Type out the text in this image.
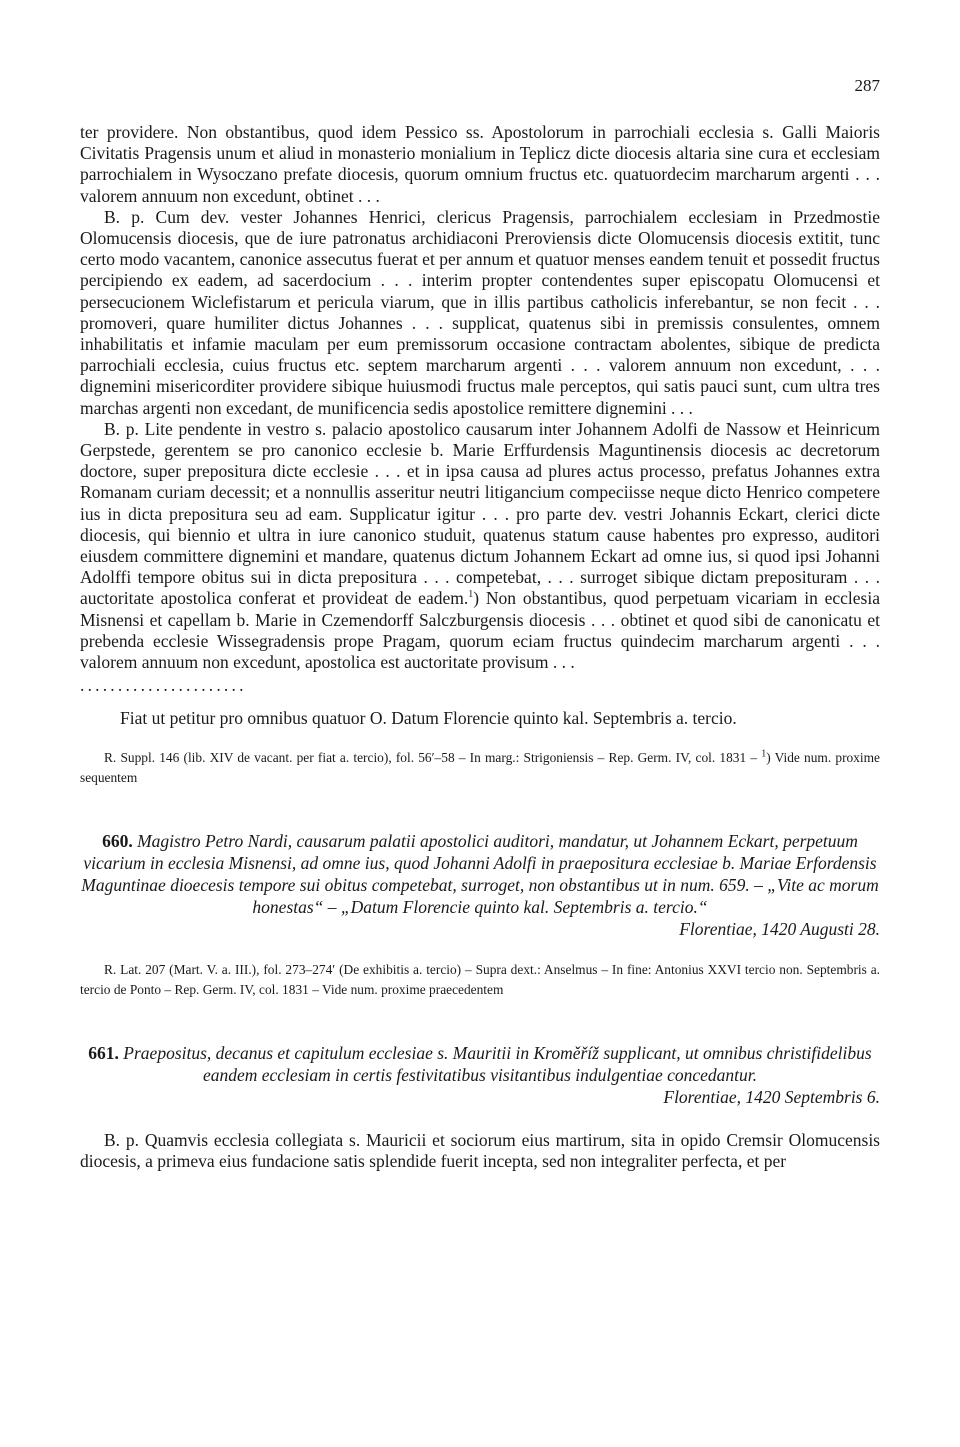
287

ter providere. Non obstantibus, quod idem Pessico ss. Apostolorum in parrochiali ecclesia s. Galli Maioris Civitatis Pragensis unum et aliud in monasterio monialium in Teplicz dicte diocesis altaria sine cura et ecclesiam parrochialem in Wysoczano prefate diocesis, quorum omnium fructus etc. quatuordecim marcharum argenti . . . valorem annuum non excedunt, obtinet . . .

B. p. Cum dev. vester Johannes Henrici, clericus Pragensis, parrochialem ecclesiam in Przedmostie Olomucensis diocesis, que de iure patronatus archidiaconi Preroviensis dicte Olomucensis diocesis extitit, tunc certo modo vacantem, canonice assecutus fuerat et per annum et quatuor menses eandem tenuit et possedit fructus percipiendo ex eadem, ad sacerdocium . . . interim propter contendentes super episcopatu Olomucensi et persecucionem Wiclefistarum et pericula viarum, que in illis partibus catholicis inferebantur, se non fecit . . . promoveri, quare humiliter dictus Johannes . . . supplicat, quatenus sibi in premissis consulentes, omnem inhabilitatis et infamie maculam per eum premissorum occasione contractam abolentes, sibique de predicta parrochiali ecclesia, cuius fructus etc. septem marcharum argenti . . . valorem annuum non excedunt, . . . dignemini misericorditer providere sibique huiusmodi fructus male perceptos, qui satis pauci sunt, cum ultra tres marchas argenti non excedant, de munificencia sedis apostolice remittere dignemini . . .

B. p. Lite pendente in vestro s. palacio apostolico causarum inter Johannem Adolfi de Nassow et Heinricum Gerpstede, gerentem se pro canonico ecclesie b. Marie Erffurdensis Maguntinensis diocesis ac decretorum doctore, super prepositura dicte ecclesie . . . et in ipsa causa ad plures actus processo, prefatus Johannes extra Romanam curiam decessit; et a nonnullis asseritur neutri litigancium compeciisse neque dicto Henrico competere ius in dicta prepositura seu ad eam. Supplicatur igitur . . . pro parte dev. vestri Johannis Eckart, clerici dicte diocesis, qui biennio et ultra in iure canonico studuit, quatenus statum cause habentes pro expresso, auditori eiusdem committere dignemini et mandare, quatenus dictum Johannem Eckart ad omne ius, si quod ipsi Johanni Adolffi tempore obitus sui in dicta prepositura . . . competebat, . . . surroget sibique dictam preposituram . . . auctoritate apostolica conferat et provideat de eadem.$^1$) Non obstantibus, quod perpetuam vicariam in ecclesia Misnensi et capellam b. Marie in Czemendorff Salczburgensis diocesis . . . obtinet et quod sibi de canonicatu et prebenda ecclesie Wissegradensis prope Pragam, quorum eciam fructus quindecim marcharum argenti . . . valorem annuum non excedunt, apostolica est auctoritate provisum . . .

......................

Fiat ut petitur pro omnibus quatuor O. Datum Florencie quinto kal. Septembris a. tercio.

R. Suppl. 146 (lib. XIV de vacant. per fiat a. tercio), fol. 56′–58 – In marg.: Strigoniensis – Rep. Germ. IV, col. 1831 – $^1$) Vide num. proxime sequentem

660. Magistro Petro Nardi, causarum palatii apostolici auditori, mandatur, ut Johannem Eckart, perpetuum vicarium in ecclesia Misnensi, ad omne ius, quod Johanni Adolfi in praepositura ecclesiae b. Mariae Erfordensis Maguntinae dioecesis tempore sui obitus competebat, surroget, non obstantibus ut in num. 659. – „Vite ac morum honestas“ – „Datum Florencie quinto kal. Septembris a. tercio.“

Florentiae, 1420 Augusti 28.

R. Lat. 207 (Mart. V. a. III.), fol. 273–274′ (De exhibitis a. tercio) – Supra dext.: Anselmus – In fine: Antonius XXVI tercio non. Septembris a. tercio de Ponto – Rep. Germ. IV, col. 1831 – Vide num. proxime praecedentem

661. Praepositus, decanus et capitulum ecclesiae s. Mauritii in Kroměříž supplicant, ut omnibus christifidelibus eandem ecclesiam in certis festivitatibus visitantibus indulgentiae concedantur.

Florentiae, 1420 Septembris 6.

B. p. Quamvis ecclesia collegiata s. Mauricii et sociorum eius martirum, sita in opido Cremsir Olomucensis diocesis, a primeva eius fundacione satis splendide fuerit incepta, sed non integraliter perfecta, et per
